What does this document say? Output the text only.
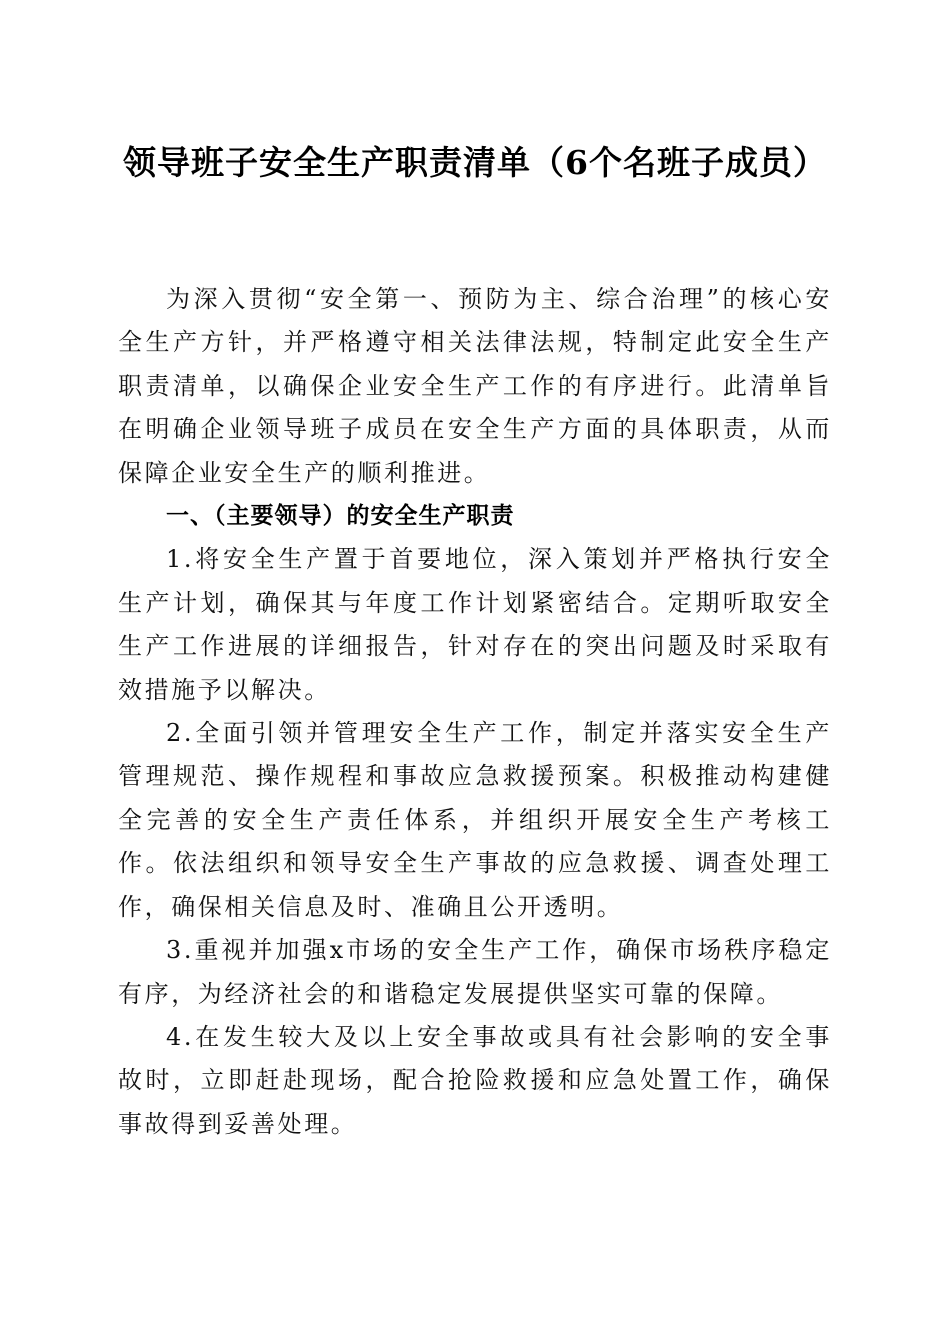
领导班子安全生产职责清单（6个名班子成员）

为深入贯彻“安全第一、预防为主、综合治理”的核心安全生产方针，并严格遵守相关法律法规，特制定此安全生产职责清单，以确保企业安全生产工作的有序进行。此清单旨在明确企业领导班子成员在安全生产方面的具体职责，从而保障企业安全生产的顺利推进。

一、（主要领导）的安全生产职责

1.将安全生产置于首要地位，深入策划并严格执行安全生产计划，确保其与年度工作计划紧密结合。定期听取安全生产工作进展的详细报告，针对存在的突出问题及时采取有效措施予以解决。

2.全面引领并管理安全生产工作，制定并落实安全生产管理规范、操作规程和事故应急救援预案。积极推动构建健全完善的安全生产责任体系，并组织开展安全生产考核工作。依法组织和领导安全生产事故的应急救援、调查处理工作，确保相关信息及时、准确且公开透明。

3.重视并加强x市场的安全生产工作，确保市场秩序稳定有序，为经济社会的和谐稳定发展提供坚实可靠的保障。

4.在发生较大及以上安全事故或具有社会影响的安全事故时，立即赶赴现场，配合抢险救援和应急处置工作，确保事故得到妥善处理。
